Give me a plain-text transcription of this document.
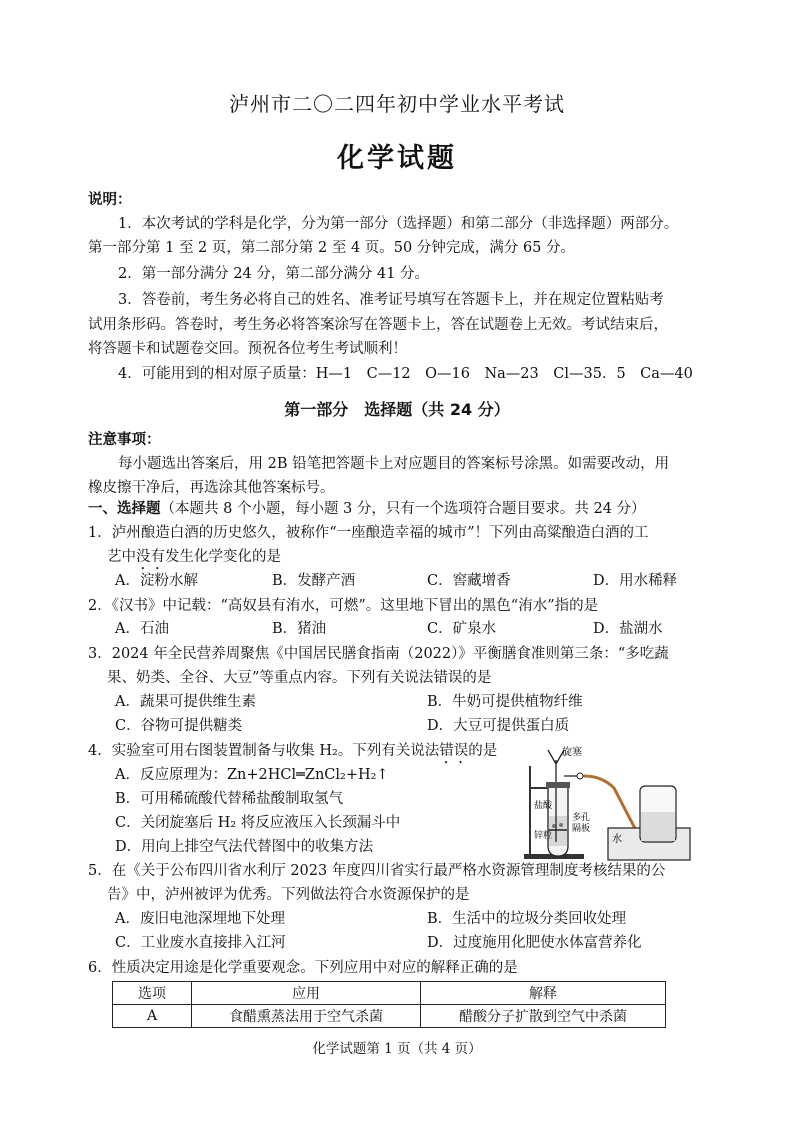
泸州市二〇二四年初中学业水平考试
化学试题
说明：
1．本次考试的学科是化学，分为第一部分（选择题）和第二部分（非选择题）两部分。
第一部分第 1 至 2 页，第二部分第 2 至 4 页。50 分钟完成，满分 65 分。
2．第一部分满分 24 分，第二部分满分 41 分。
3．答卷前，考生务必将自己的姓名、准考证号填写在答题卡上，并在规定位置粘贴考
试用条形码。答卷时，考生务必将答案涂写在答题卡上，答在试题卷上无效。考试结束后，
将答题卡和试题卷交回。预祝各位考生考试顺利！
4．可能用到的相对原子质量：H—1　C—12　O—16　Na—23　Cl—35．5　Ca—40
第一部分　选择题（共 24 分）
注意事项：
每小题选出答案后，用 2B 铅笔把答题卡上对应题目的答案标号涂黑。如需要改动，用
橡皮擦干净后，再选涂其他答案标号。
一、选择题（本题共 8 个小题，每小题 3 分，只有一个选项符合题目要求。共 24 分）
1．泸州酿造白酒的历史悠久，被称作“一座酿造幸福的城市”！下列由高粱酿造白酒的工
艺中没有发生化学变化的是
A．淀粉水解	B．发酵产酒	C．窖藏增香	D．用水稀释
2．《汉书》中记载：“高奴县有洧水，可燃”。这里地下冒出的黑色“洧水”指的是
A．石油	B．猪油	C．矿泉水	D．盐湖水
3．2024 年全民营养周聚焦《中国居民膳食指南（2022）》平衡膳食准则第三条：“多吃蔬
果、奶类、全谷、大豆”等重点内容。下列有关说法错误的是
A．蔬果可提供维生素	B．牛奶可提供植物纤维
C．谷物可提供糖类	D．大豆可提供蛋白质
4．实验室可用右图装置制备与收集 H₂。下列有关说法错误的是
A．反应原理为：Zn+2HCl═ZnCl₂+H₂↑
B．可用稀硫酸代替稀盐酸制取氢气
C．关闭旋塞后 H₂ 将反应液压入长颈漏斗中
D．用向上排空气法代替图中的收集方法
旋塞
盐酸
锌粒
多孔
隔板
水
5．在《关于公布四川省水利厅 2023 年度四川省实行最严格水资源管理制度考核结果的公
告》中，泸州被评为优秀。下列做法符合水资源保护的是
A．废旧电池深埋地下处理	B．生活中的垃圾分类回收处理
C．工业废水直接排入江河	D．过度施用化肥使水体富营养化
6．性质决定用途是化学重要观念。下列应用中对应的解释正确的是
选项	应用	解释
A	食醋熏蒸法用于空气杀菌	醋酸分子扩散到空气中杀菌
化学试题第 1 页（共 4 页）
